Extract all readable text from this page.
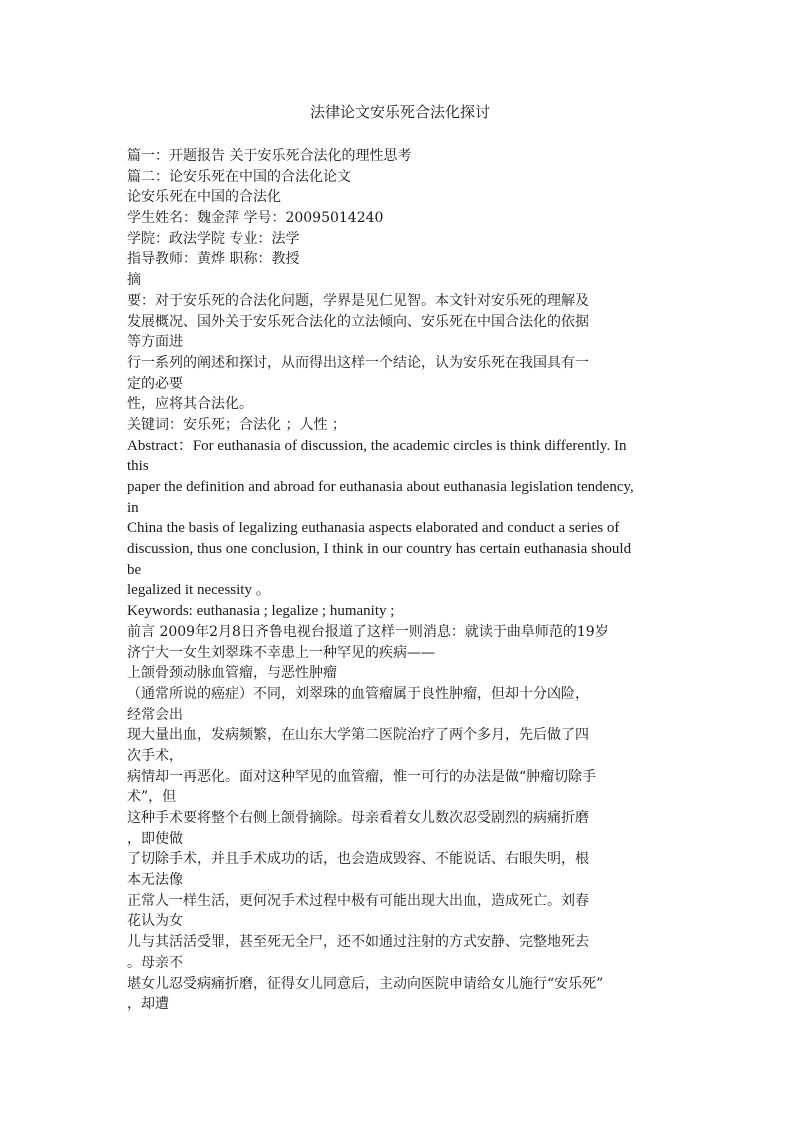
法律论文安乐死合法化探讨

篇一：开题报告 关于安乐死合法化的理性思考

篇二：论安乐死在中国的合法化论文

论安乐死在中国的合法化

学生姓名：魏金萍 学号：20095014240

学院：政法学院 专业：法学

指导教师：黄烨 职称：教授

摘

要：对于安乐死的合法化问题，学界是见仁见智。本文针对安乐死的理解及

发展概况、国外关于安乐死合法化的立法倾向、安乐死在中国合法化的依据

等方面进

行一系列的阐述和探讨，从而得出这样一个结论，认为安乐死在我国具有一

定的必要

性，应将其合法化。

关键词：安乐死；合法化 ；人性 ；

Abstract：For euthanasia of discussion, the academic circles is think differently. In

this

paper the definition and abroad for euthanasia about euthanasia legislation tendency,

in

China the basis of legalizing euthanasia aspects elaborated and conduct a series of

discussion, thus one conclusion, I think in our country has certain euthanasia should

be

legalized it necessity 。

Keywords: euthanasia ; legalize ; humanity ;

前言 2009年2月8日齐鲁电视台报道了这样一则消息：就读于曲阜师范的19岁

济宁大一女生刘翠珠不幸患上一种罕见的疾病——

上颌骨颈动脉血管瘤，与恶性肿瘤

（通常所说的癌症）不同，刘翠珠的血管瘤属于良性肿瘤，但却十分凶险，

经常会出

现大量出血，发病频繁，在山东大学第二医院治疗了两个多月，先后做了四

次手术，

病情却一再恶化。面对这种罕见的血管瘤，惟一可行的办法是做“肿瘤切除手

术”，但

这种手术要将整个右侧上颌骨摘除。母亲看着女儿数次忍受剧烈的病痛折磨

，即使做

了切除手术，并且手术成功的话，也会造成毁容、不能说话、右眼失明，根

本无法像

正常人一样生活，更何况手术过程中极有可能出现大出血，造成死亡。刘春

花认为女

儿与其活活受罪，甚至死无全尸，还不如通过注射的方式安静、完整地死去

。母亲不

堪女儿忍受病痛折磨，征得女儿同意后，主动向医院申请给女儿施行“安乐死”

，却遭
